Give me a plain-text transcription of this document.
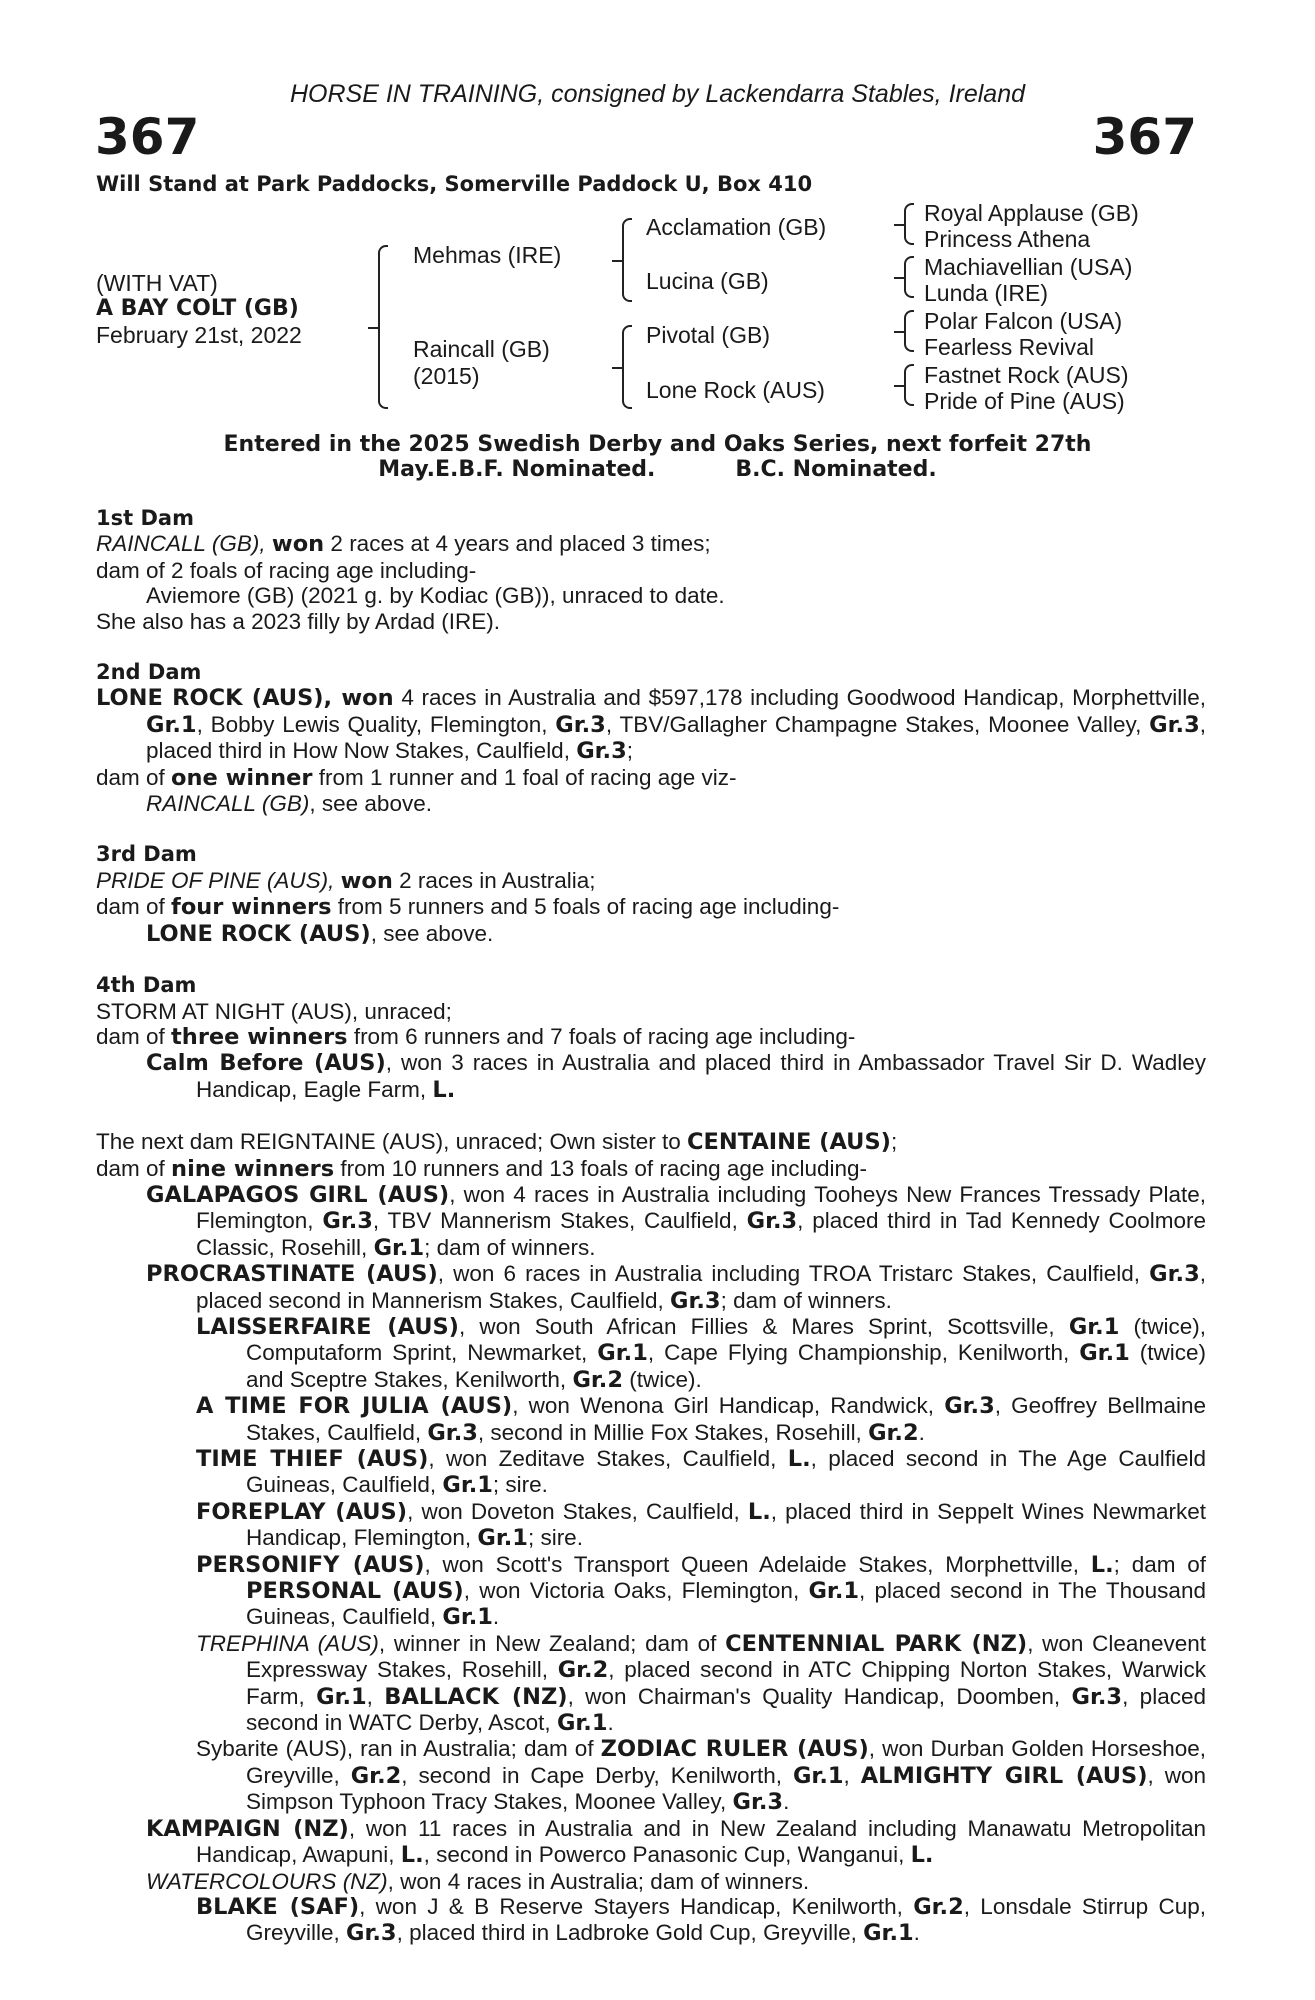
HORSE IN TRAINING, consigned by Lackendarra Stables, Ireland
367	367
Will Stand at Park Paddocks, Somerville Paddock U, Box 410
(WITH VAT)
A BAY COLT (GB)
February 21st, 2022
Mehmas (IRE)
Raincall (GB)
(2015)
Acclamation (GB)
Lucina (GB)
Pivotal (GB)
Lone Rock (AUS)
Royal Applause (GB)
Princess Athena
Machiavellian (USA)
Lunda (IRE)
Polar Falcon (USA)
Fearless Revival
Fastnet Rock (AUS)
Pride of Pine (AUS)
Entered in the 2025 Swedish Derby and Oaks Series, next forfeit 27th
May.E.B.F. Nominated.	B.C. Nominated.

1st Dam

RAINCALL (GB), won 2 races at 4 years and placed 3 times;

dam of 2 foals of racing age including-

Aviemore (GB) (2021 g. by Kodiac (GB)), unraced to date.

She also has a 2023 filly by Ardad (IRE).

2nd Dam

LONE ROCK (AUS), won 4 races in Australia and $597,178 including Goodwood Handicap, Morphettville, Gr.1, Bobby Lewis Quality, Flemington, Gr.3, TBV/Gallagher Champagne Stakes, Moonee Valley, Gr.3, placed third in How Now Stakes, Caulfield, Gr.3;

dam of one winner from 1 runner and 1 foal of racing age viz-

RAINCALL (GB), see above.

3rd Dam

PRIDE OF PINE (AUS), won 2 races in Australia;

dam of four winners from 5 runners and 5 foals of racing age including-

LONE ROCK (AUS), see above.

4th Dam

STORM AT NIGHT (AUS), unraced;

dam of three winners from 6 runners and 7 foals of racing age including-

Calm Before (AUS), won 3 races in Australia and placed third in Ambassador Travel Sir D. Wadley Handicap, Eagle Farm, L.

The next dam REIGNTAINE (AUS), unraced; Own sister to CENTAINE (AUS);

dam of nine winners from 10 runners and 13 foals of racing age including-

GALAPAGOS GIRL (AUS), won 4 races in Australia including Tooheys New Frances Tressady Plate, Flemington, Gr.3, TBV Mannerism Stakes, Caulfield, Gr.3, placed third in Tad Kennedy Coolmore Classic, Rosehill, Gr.1; dam of winners.

PROCRASTINATE (AUS), won 6 races in Australia including TROA Tristarc Stakes, Caulfield, Gr.3, placed second in Mannerism Stakes, Caulfield, Gr.3; dam of winners.

LAISSERFAIRE (AUS), won South African Fillies & Mares Sprint, Scottsville, Gr.1 (twice), Computaform Sprint, Newmarket, Gr.1, Cape Flying Championship, Kenilworth, Gr.1 (twice) and Sceptre Stakes, Kenilworth, Gr.2 (twice).

A TIME FOR JULIA (AUS), won Wenona Girl Handicap, Randwick, Gr.3, Geoffrey Bellmaine Stakes, Caulfield, Gr.3, second in Millie Fox Stakes, Rosehill, Gr.2.

TIME THIEF (AUS), won Zeditave Stakes, Caulfield, L., placed second in The Age Caulfield Guineas, Caulfield, Gr.1; sire.

FOREPLAY (AUS), won Doveton Stakes, Caulfield, L., placed third in Seppelt Wines Newmarket Handicap, Flemington, Gr.1; sire.

PERSONIFY (AUS), won Scott's Transport Queen Adelaide Stakes, Morphettville, L.; dam of PERSONAL (AUS), won Victoria Oaks, Flemington, Gr.1, placed second in The Thousand Guineas, Caulfield, Gr.1.

TREPHINA (AUS), winner in New Zealand; dam of CENTENNIAL PARK (NZ), won Cleanevent Expressway Stakes, Rosehill, Gr.2, placed second in ATC Chipping Norton Stakes, Warwick Farm, Gr.1, BALLACK (NZ), won Chairman's Quality Handicap, Doomben, Gr.3, placed second in WATC Derby, Ascot, Gr.1.

Sybarite (AUS), ran in Australia; dam of ZODIAC RULER (AUS), won Durban Golden Horseshoe, Greyville, Gr.2, second in Cape Derby, Kenilworth, Gr.1, ALMIGHTY GIRL (AUS), won Simpson Typhoon Tracy Stakes, Moonee Valley, Gr.3.

KAMPAIGN (NZ), won 11 races in Australia and in New Zealand including Manawatu Metropolitan Handicap, Awapuni, L., second in Powerco Panasonic Cup, Wanganui, L.

WATERCOLOURS (NZ), won 4 races in Australia; dam of winners.

BLAKE (SAF), won J & B Reserve Stayers Handicap, Kenilworth, Gr.2, Lonsdale Stirrup Cup, Greyville, Gr.3, placed third in Ladbroke Gold Cup, Greyville, Gr.1.
